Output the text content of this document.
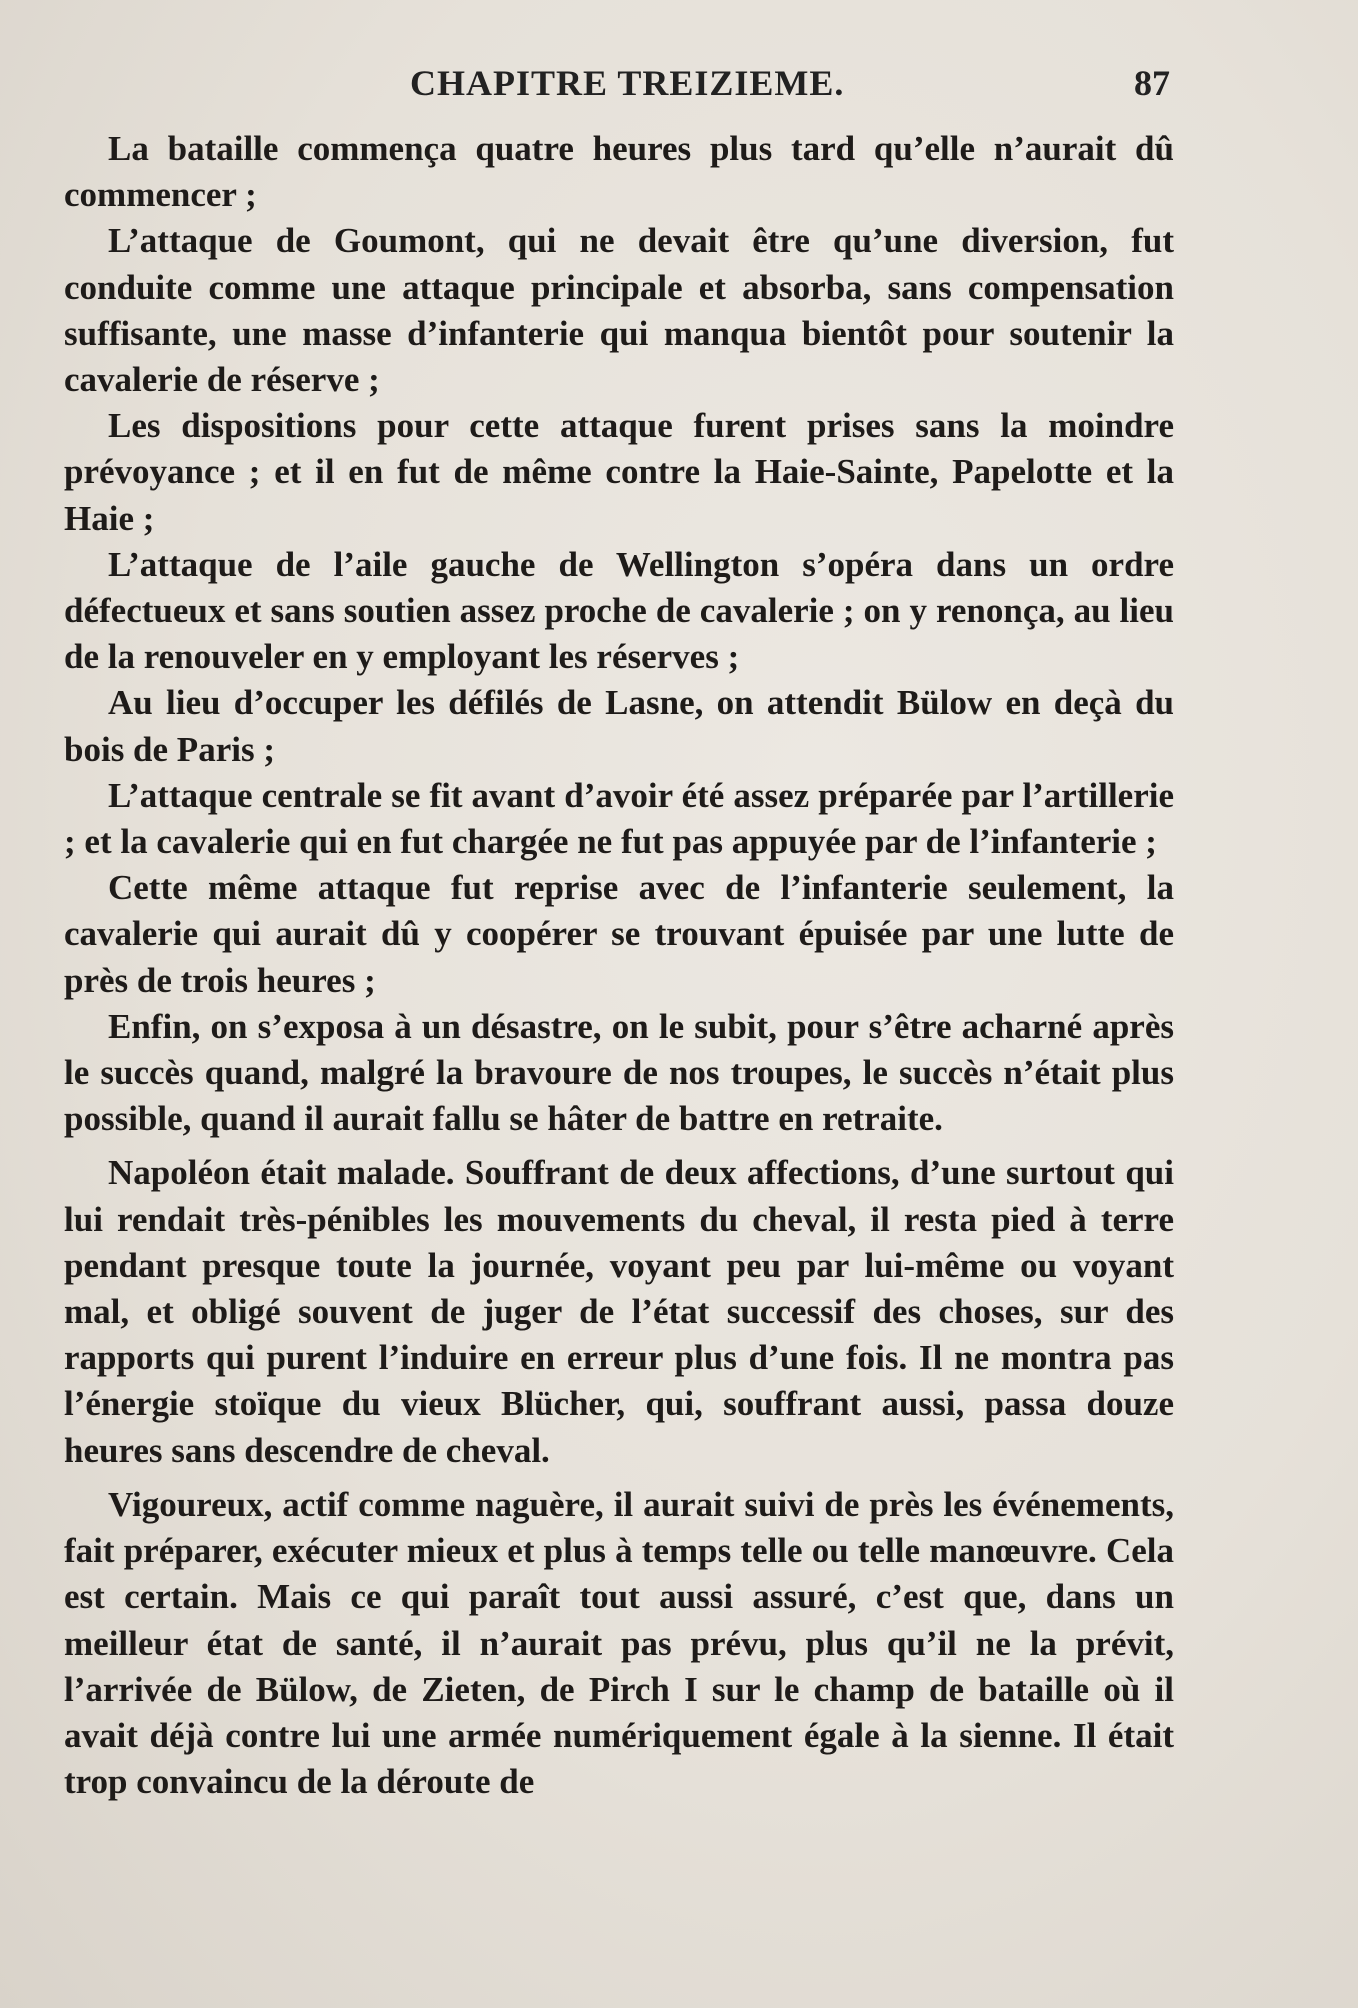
CHAPITRE TREIZIEME.	87

La bataille commença quatre heures plus tard qu’elle n’aurait dû commencer ;

L’attaque de Goumont, qui ne devait être qu’une diversion, fut conduite comme une attaque principale et absorba, sans compensation suffisante, une masse d’infanterie qui manqua bientôt pour soutenir la cavalerie de réserve ;

Les dispositions pour cette attaque furent prises sans la moindre prévoyance ; et il en fut de même contre la Haie-Sainte, Papelotte et la Haie ;

L’attaque de l’aile gauche de Wellington s’opéra dans un ordre défectueux et sans soutien assez proche de cavalerie ; on y renonça, au lieu de la renouveler en y employant les réserves ;

Au lieu d’occuper les défilés de Lasne, on attendit Bülow en deçà du bois de Paris ;

L’attaque centrale se fit avant d’avoir été assez préparée par l’artillerie ; et la cavalerie qui en fut chargée ne fut pas appuyée par de l’infanterie ;

Cette même attaque fut reprise avec de l’infanterie seulement, la cavalerie qui aurait dû y coopérer se trouvant épuisée par une lutte de près de trois heures ;

Enfin, on s’exposa à un désastre, on le subit, pour s’être acharné après le succès quand, malgré la bravoure de nos troupes, le succès n’était plus possible, quand il aurait fallu se hâter de battre en retraite.

Napoléon était malade. Souffrant de deux affections, d’une surtout qui lui rendait très-pénibles les mouvements du cheval, il resta pied à terre pendant presque toute la journée, voyant peu par lui-même ou voyant mal, et obligé souvent de juger de l’état successif des choses, sur des rapports qui purent l’induire en erreur plus d’une fois. Il ne montra pas l’énergie stoïque du vieux Blücher, qui, souffrant aussi, passa douze heures sans descendre de cheval.

Vigoureux, actif comme naguère, il aurait suivi de près les événements, fait préparer, exécuter mieux et plus à temps telle ou telle manœuvre. Cela est certain. Mais ce qui paraît tout aussi assuré, c’est que, dans un meilleur état de santé, il n’aurait pas prévu, plus qu’il ne la prévit, l’arrivée de Bülow, de Zieten, de Pirch I sur le champ de bataille où il avait déjà contre lui une armée numériquement égale à la sienne. Il était trop convaincu de la déroute de
